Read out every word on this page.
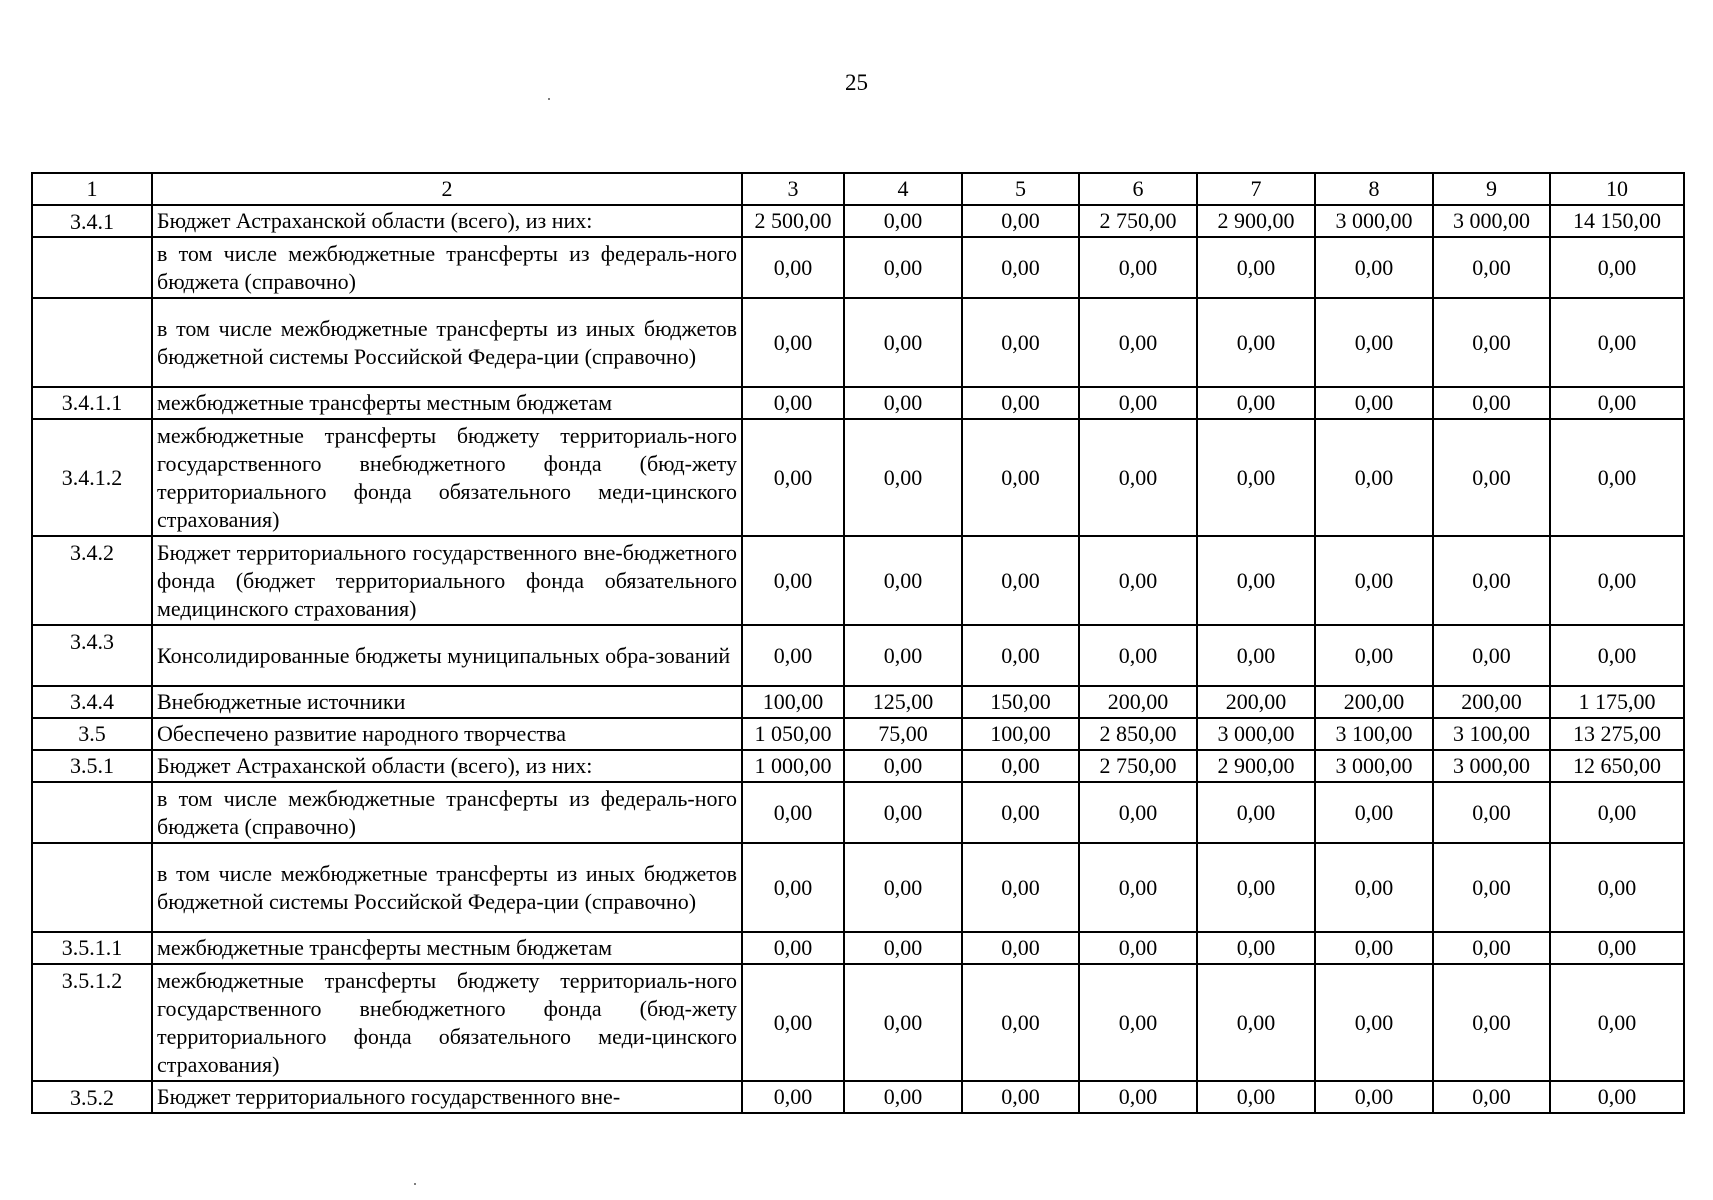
25
1	2	3	4	5	6	7	8	9	10
3.4.1	Бюджет Астраханской области (всего), из них:	2 500,00	0,00	0,00	2 750,00	2 900,00	3 000,00	3 000,00	14 150,00
	в том числе межбюджетные трансферты из федераль-ного бюджета (справочно)	0,00	0,00	0,00	0,00	0,00	0,00	0,00	0,00
	в том числе межбюджетные трансферты из иных бюджетов бюджетной системы Российской Федера-ции (справочно)	0,00	0,00	0,00	0,00	0,00	0,00	0,00	0,00
3.4.1.1	межбюджетные трансферты местным бюджетам	0,00	0,00	0,00	0,00	0,00	0,00	0,00	0,00
3.4.1.2	межбюджетные трансферты бюджету территориаль-ного государственного внебюджетного фонда (бюд-жету территориального фонда обязательного меди-цинского страхования)	0,00	0,00	0,00	0,00	0,00	0,00	0,00	0,00
3.4.2	Бюджет территориального государственного вне-бюджетного фонда (бюджет территориального фонда обязательного медицинского страхования)	0,00	0,00	0,00	0,00	0,00	0,00	0,00	0,00
3.4.3	Консолидированные бюджеты муниципальных обра-зований	0,00	0,00	0,00	0,00	0,00	0,00	0,00	0,00
3.4.4	Внебюджетные источники	100,00	125,00	150,00	200,00	200,00	200,00	200,00	1 175,00
3.5	Обеспечено развитие народного творчества	1 050,00	75,00	100,00	2 850,00	3 000,00	3 100,00	3 100,00	13 275,00
3.5.1	Бюджет Астраханской области (всего), из них:	1 000,00	0,00	0,00	2 750,00	2 900,00	3 000,00	3 000,00	12 650,00
	в том числе межбюджетные трансферты из федераль-ного бюджета (справочно)	0,00	0,00	0,00	0,00	0,00	0,00	0,00	0,00
	в том числе межбюджетные трансферты из иных бюджетов бюджетной системы Российской Федера-ции (справочно)	0,00	0,00	0,00	0,00	0,00	0,00	0,00	0,00
3.5.1.1	межбюджетные трансферты местным бюджетам	0,00	0,00	0,00	0,00	0,00	0,00	0,00	0,00
3.5.1.2	межбюджетные трансферты бюджету территориаль-ного государственного внебюджетного фонда (бюд-жету территориального фонда обязательного меди-цинского страхования)	0,00	0,00	0,00	0,00	0,00	0,00	0,00	0,00
3.5.2	Бюджет территориального государственного вне-	0,00	0,00	0,00	0,00	0,00	0,00	0,00	0,00
